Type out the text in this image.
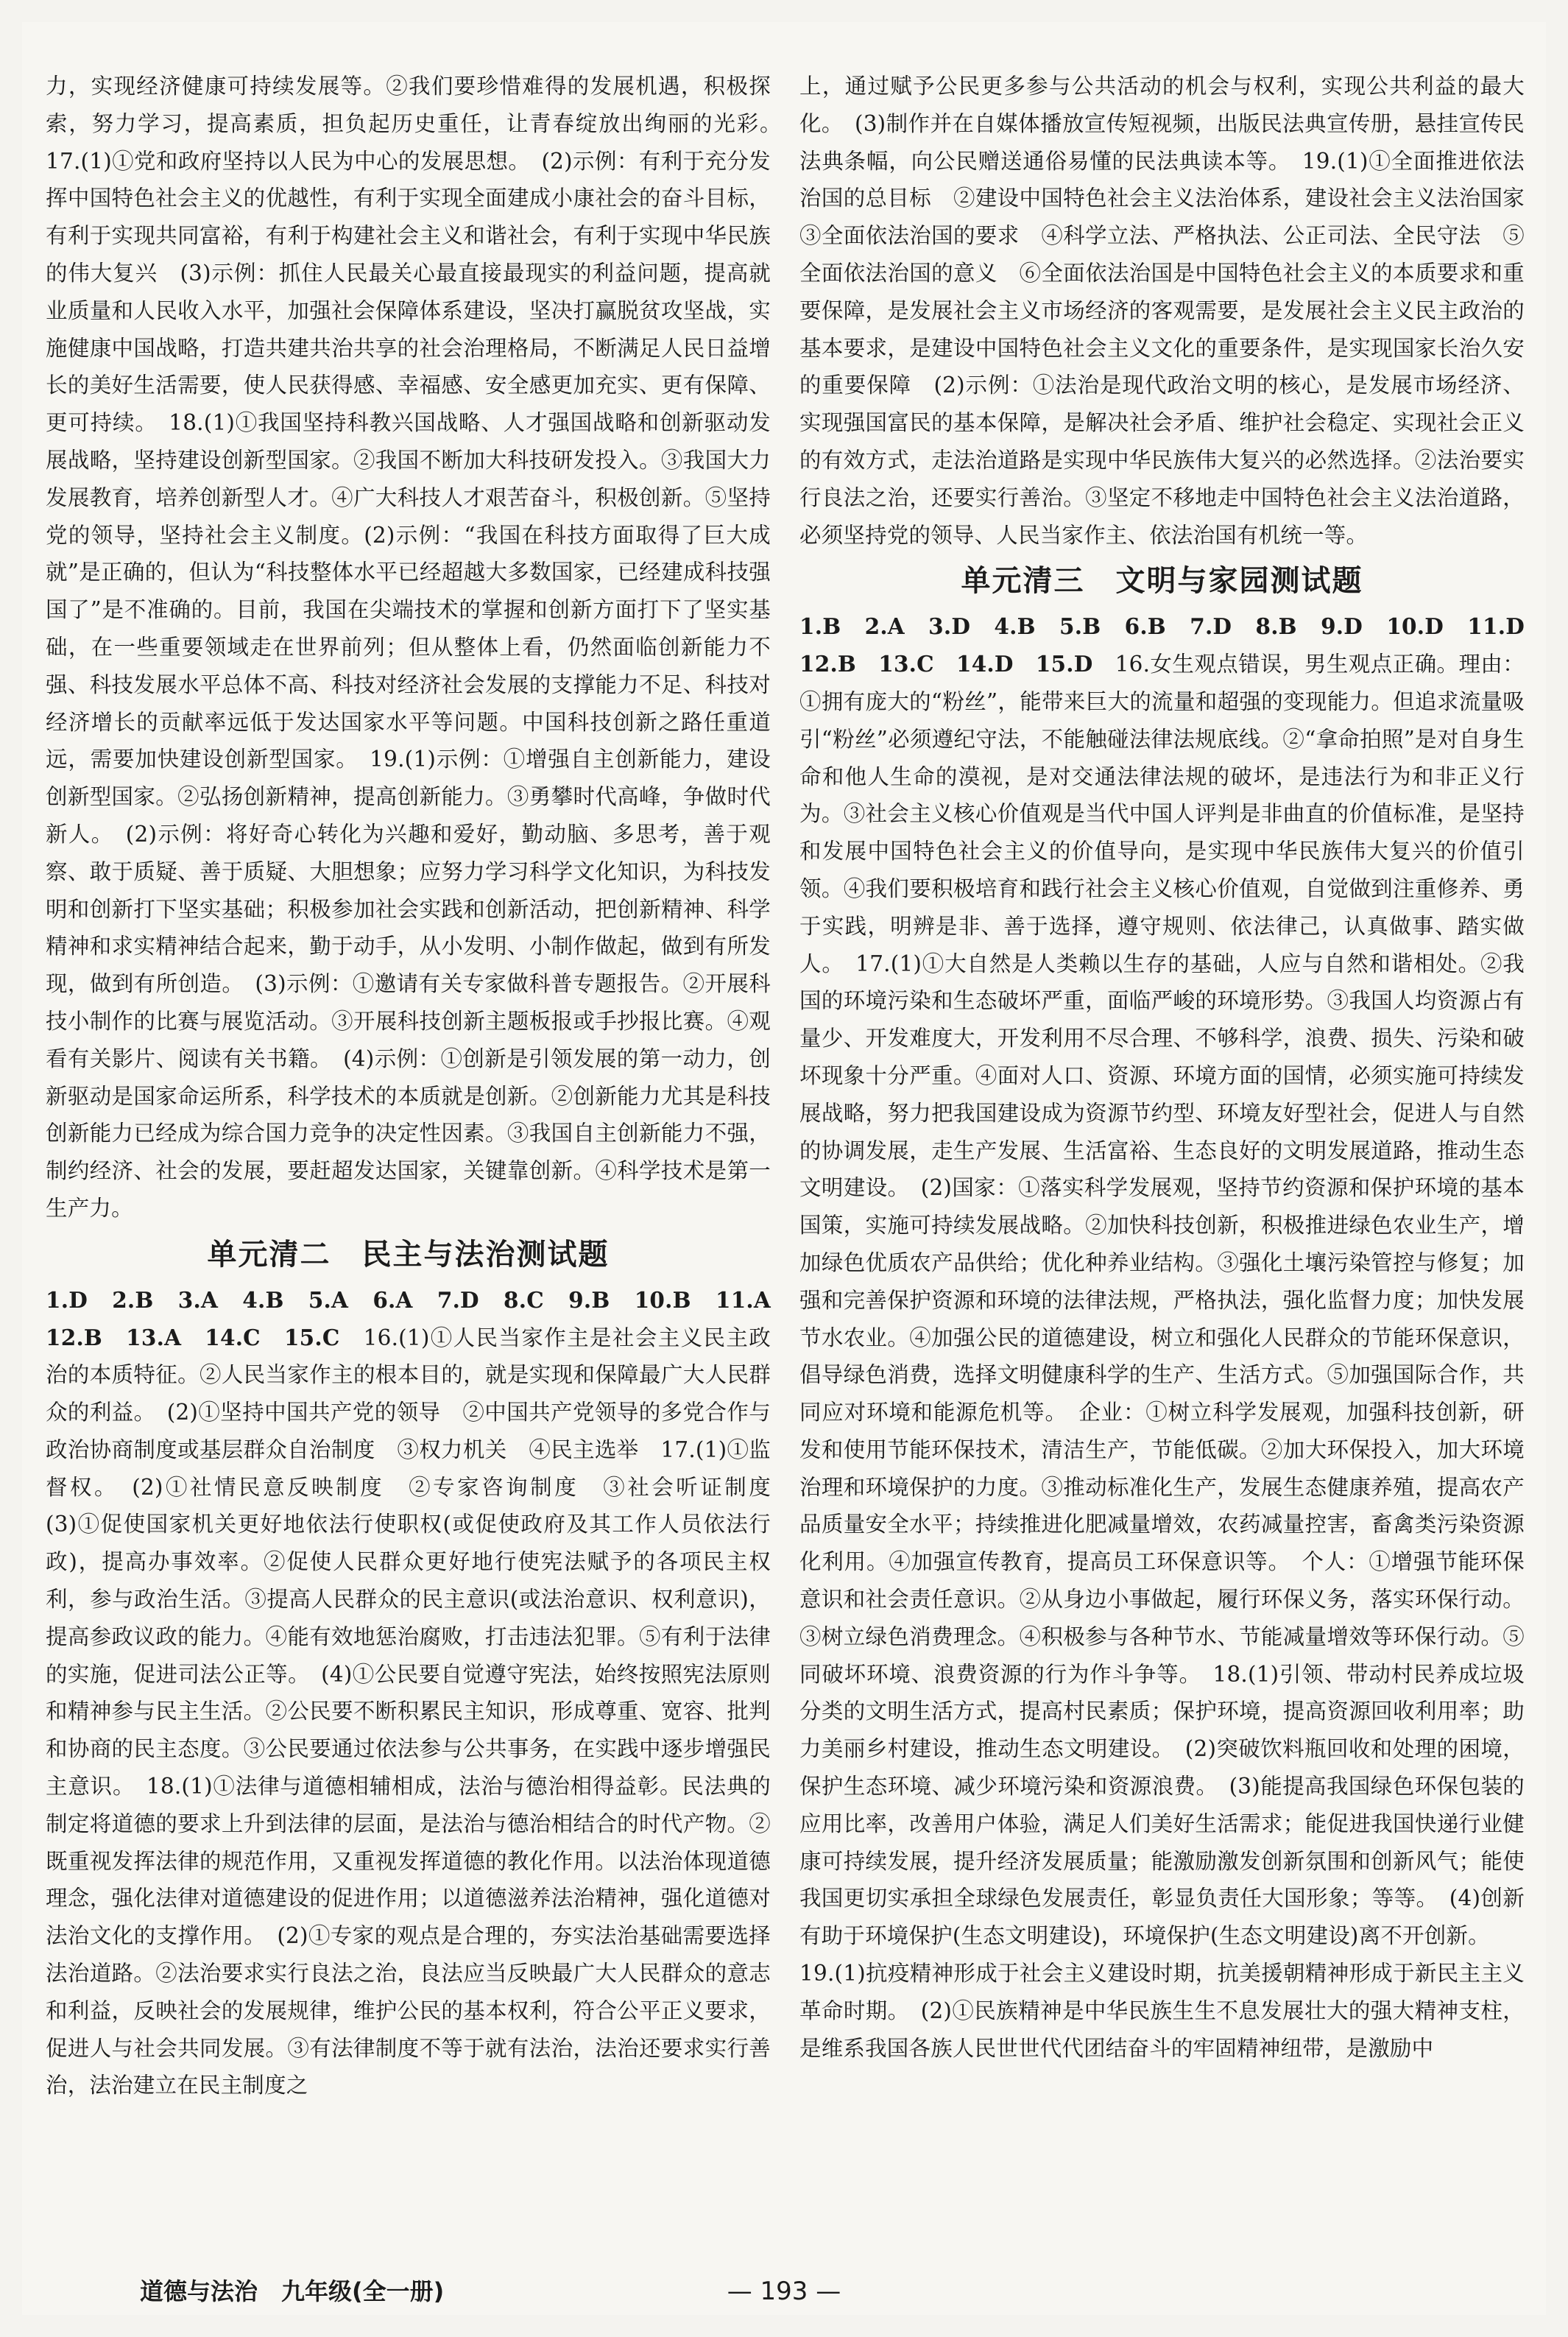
力，实现经济健康可持续发展等。②我们要珍惜难得的发展机遇，积极探索，努力学习，提高素质，担负起历史重任，让青春绽放出绚丽的光彩。　17.(1)①党和政府坚持以人民为中心的发展思想。　(2)示例：有利于充分发挥中国特色社会主义的优越性，有利于实现全面建成小康社会的奋斗目标，有利于实现共同富裕，有利于构建社会主义和谐社会，有利于实现中华民族的伟大复兴　(3)示例：抓住人民最关心最直接最现实的利益问题，提高就业质量和人民收入水平，加强社会保障体系建设，坚决打赢脱贫攻坚战，实施健康中国战略，打造共建共治共享的社会治理格局，不断满足人民日益增长的美好生活需要，使人民获得感、幸福感、安全感更加充实、更有保障、更可持续。　18.(1)①我国坚持科教兴国战略、人才强国战略和创新驱动发展战略，坚持建设创新型国家。②我国不断加大科技研发投入。③我国大力发展教育，培养创新型人才。④广大科技人才艰苦奋斗，积极创新。⑤坚持党的领导，坚持社会主义制度。(2)示例：“我国在科技方面取得了巨大成就”是正确的，但认为“科技整体水平已经超越大多数国家，已经建成科技强国了”是不准确的。目前，我国在尖端技术的掌握和创新方面打下了坚实基础，在一些重要领域走在世界前列；但从整体上看，仍然面临创新能力不强、科技发展水平总体不高、科技对经济社会发展的支撑能力不足、科技对经济增长的贡献率远低于发达国家水平等问题。中国科技创新之路任重道远，需要加快建设创新型国家。　19.(1)示例：①增强自主创新能力，建设创新型国家。②弘扬创新精神，提高创新能力。③勇攀时代高峰，争做时代新人。　(2)示例：将好奇心转化为兴趣和爱好，勤动脑、多思考，善于观察、敢于质疑、善于质疑、大胆想象；应努力学习科学文化知识，为科技发明和创新打下坚实基础；积极参加社会实践和创新活动，把创新精神、科学精神和求实精神结合起来，勤于动手，从小发明、小制作做起，做到有所发现，做到有所创造。　(3)示例：①邀请有关专家做科普专题报告。②开展科技小制作的比赛与展览活动。③开展科技创新主题板报或手抄报比赛。④观看有关影片、阅读有关书籍。　(4)示例：①创新是引领发展的第一动力，创新驱动是国家命运所系，科学技术的本质就是创新。②创新能力尤其是科技创新能力已经成为综合国力竞争的决定性因素。③我国自主创新能力不强，制约经济、社会的发展，要赶超发达国家，关键靠创新。④科学技术是第一生产力。

单元清二　民主与法治测试题

1.D　2.B　3.A　4.B　5.A　6.A　7.D　8.C　9.B　10.B　11.A　12.B　13.A　14.C　15.C　16.(1)①人民当家作主是社会主义民主政治的本质特征。②人民当家作主的根本目的，就是实现和保障最广大人民群众的利益。　(2)①坚持中国共产党的领导　②中国共产党领导的多党合作与政治协商制度或基层群众自治制度　③权力机关　④民主选举　17.(1)①监督权。　(2)①社情民意反映制度　②专家咨询制度　③社会听证制度　(3)①促使国家机关更好地依法行使职权(或促使政府及其工作人员依法行政)，提高办事效率。②促使人民群众更好地行使宪法赋予的各项民主权利，参与政治生活。③提高人民群众的民主意识(或法治意识、权利意识)，提高参政议政的能力。④能有效地惩治腐败，打击违法犯罪。⑤有利于法律的实施，促进司法公正等。　(4)①公民要自觉遵守宪法，始终按照宪法原则和精神参与民主生活。②公民要不断积累民主知识，形成尊重、宽容、批判和协商的民主态度。③公民要通过依法参与公共事务，在实践中逐步增强民主意识。　18.(1)①法律与道德相辅相成，法治与德治相得益彰。民法典的制定将道德的要求上升到法律的层面，是法治与德治相结合的时代产物。②既重视发挥法律的规范作用，又重视发挥道德的教化作用。以法治体现道德理念，强化法律对道德建设的促进作用；以道德滋养法治精神，强化道德对法治文化的支撑作用。　(2)①专家的观点是合理的，夯实法治基础需要选择法治道路。②法治要求实行良法之治，良法应当反映最广大人民群众的意志和利益，反映社会的发展规律，维护公民的基本权利，符合公平正义要求，促进人与社会共同发展。③有法律制度不等于就有法治，法治还要求实行善治，法治建立在民主制度之

上，通过赋予公民更多参与公共活动的机会与权利，实现公共利益的最大化。　(3)制作并在自媒体播放宣传短视频，出版民法典宣传册，悬挂宣传民法典条幅，向公民赠送通俗易懂的民法典读本等。　19.(1)①全面推进依法治国的总目标　②建设中国特色社会主义法治体系，建设社会主义法治国家　③全面依法治国的要求　④科学立法、严格执法、公正司法、全民守法　⑤全面依法治国的意义　⑥全面依法治国是中国特色社会主义的本质要求和重要保障，是发展社会主义市场经济的客观需要，是发展社会主义民主政治的基本要求，是建设中国特色社会主义文化的重要条件，是实现国家长治久安的重要保障　(2)示例：①法治是现代政治文明的核心，是发展市场经济、实现强国富民的基本保障，是解决社会矛盾、维护社会稳定、实现社会正义的有效方式，走法治道路是实现中华民族伟大复兴的必然选择。②法治要实行良法之治，还要实行善治。③坚定不移地走中国特色社会主义法治道路，必须坚持党的领导、人民当家作主、依法治国有机统一等。

单元清三　文明与家园测试题

1.B　2.A　3.D　4.B　5.B　6.B　7.D　8.B　9.D　10.D　11.D　12.B　13.C　14.D　15.D　16.女生观点错误，男生观点正确。理由：①拥有庞大的“粉丝”，能带来巨大的流量和超强的变现能力。但追求流量吸引“粉丝”必须遵纪守法，不能触碰法律法规底线。②“拿命拍照”是对自身生命和他人生命的漠视，是对交通法律法规的破坏，是违法行为和非正义行为。③社会主义核心价值观是当代中国人评判是非曲直的价值标准，是坚持和发展中国特色社会主义的价值导向，是实现中华民族伟大复兴的价值引领。④我们要积极培育和践行社会主义核心价值观，自觉做到注重修养、勇于实践，明辨是非、善于选择，遵守规则、依法律己，认真做事、踏实做人。　17.(1)①大自然是人类赖以生存的基础，人应与自然和谐相处。②我国的环境污染和生态破坏严重，面临严峻的环境形势。③我国人均资源占有量少、开发难度大，开发利用不尽合理、不够科学，浪费、损失、污染和破坏现象十分严重。④面对人口、资源、环境方面的国情，必须实施可持续发展战略，努力把我国建设成为资源节约型、环境友好型社会，促进人与自然的协调发展，走生产发展、生活富裕、生态良好的文明发展道路，推动生态文明建设。　(2)国家：①落实科学发展观，坚持节约资源和保护环境的基本国策，实施可持续发展战略。②加快科技创新，积极推进绿色农业生产，增加绿色优质农产品供给；优化种养业结构。③强化土壤污染管控与修复；加强和完善保护资源和环境的法律法规，严格执法，强化监督力度；加快发展节水农业。④加强公民的道德建设，树立和强化人民群众的节能环保意识，倡导绿色消费，选择文明健康科学的生产、生活方式。⑤加强国际合作，共同应对环境和能源危机等。　企业：①树立科学发展观，加强科技创新，研发和使用节能环保技术，清洁生产，节能低碳。②加大环保投入，加大环境治理和环境保护的力度。③推动标准化生产，发展生态健康养殖，提高农产品质量安全水平；持续推进化肥减量增效，农药减量控害，畜禽类污染资源化利用。④加强宣传教育，提高员工环保意识等。　个人：①增强节能环保意识和社会责任意识。②从身边小事做起，履行环保义务，落实环保行动。③树立绿色消费理念。④积极参与各种节水、节能减量增效等环保行动。⑤同破坏环境、浪费资源的行为作斗争等。　18.(1)引领、带动村民养成垃圾分类的文明生活方式，提高村民素质；保护环境，提高资源回收利用率；助力美丽乡村建设，推动生态文明建设。　(2)突破饮料瓶回收和处理的困境，保护生态环境、减少环境污染和资源浪费。　(3)能提高我国绿色环保包装的应用比率，改善用户体验，满足人们美好生活需求；能促进我国快递行业健康可持续发展，提升经济发展质量；能激励激发创新氛围和创新风气；能使我国更切实承担全球绿色发展责任，彰显负责任大国形象；等等。　(4)创新有助于环境保护(生态文明建设)，环境保护(生态文明建设)离不开创新。

19.(1)抗疫精神形成于社会主义建设时期，抗美援朝精神形成于新民主主义革命时期。　(2)①民族精神是中华民族生生不息发展壮大的强大精神支柱，是维系我国各族人民世世代代团结奋斗的牢固精神纽带，是激励中

道德与法治　九年级(全一册)	— 193 —
